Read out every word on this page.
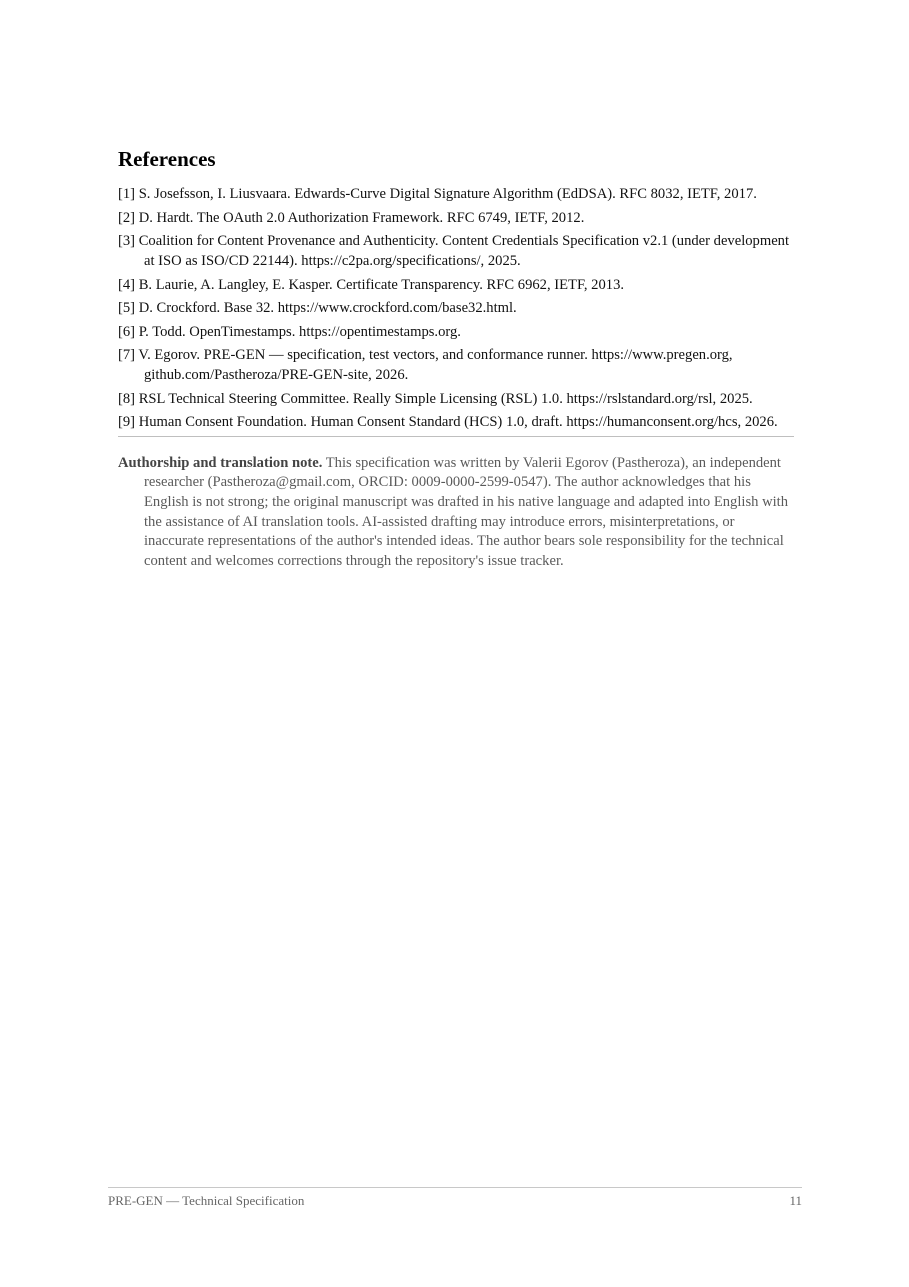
References
[1] S. Josefsson, I. Liusvaara. Edwards-Curve Digital Signature Algorithm (EdDSA). RFC 8032, IETF, 2017.
[2] D. Hardt. The OAuth 2.0 Authorization Framework. RFC 6749, IETF, 2012.
[3] Coalition for Content Provenance and Authenticity. Content Credentials Specification v2.1 (under development at ISO as ISO/CD 22144). https://c2pa.org/specifications/, 2025.
[4] B. Laurie, A. Langley, E. Kasper. Certificate Transparency. RFC 6962, IETF, 2013.
[5] D. Crockford. Base 32. https://www.crockford.com/base32.html.
[6] P. Todd. OpenTimestamps. https://opentimestamps.org.
[7] V. Egorov. PRE-GEN — specification, test vectors, and conformance runner. https://www.pregen.org, github.com/Pastheroza/PRE-GEN-site, 2026.
[8] RSL Technical Steering Committee. Really Simple Licensing (RSL) 1.0. https://rslstandard.org/rsl, 2025.
[9] Human Consent Foundation. Human Consent Standard (HCS) 1.0, draft. https://humanconsent.org/hcs, 2026.

Authorship and translation note. This specification was written by Valerii Egorov (Pastheroza), an independent researcher (Pastheroza@gmail.com, ORCID: 0009-0000-2599-0547). The author acknowledges that his English is not strong; the original manuscript was drafted in his native language and adapted into English with the assistance of AI translation tools. AI-assisted drafting may introduce errors, misinterpretations, or inaccurate representations of the author's intended ideas. The author bears sole responsibility for the technical content and welcomes corrections through the repository's issue tracker.

PRE-GEN — Technical Specification	11
